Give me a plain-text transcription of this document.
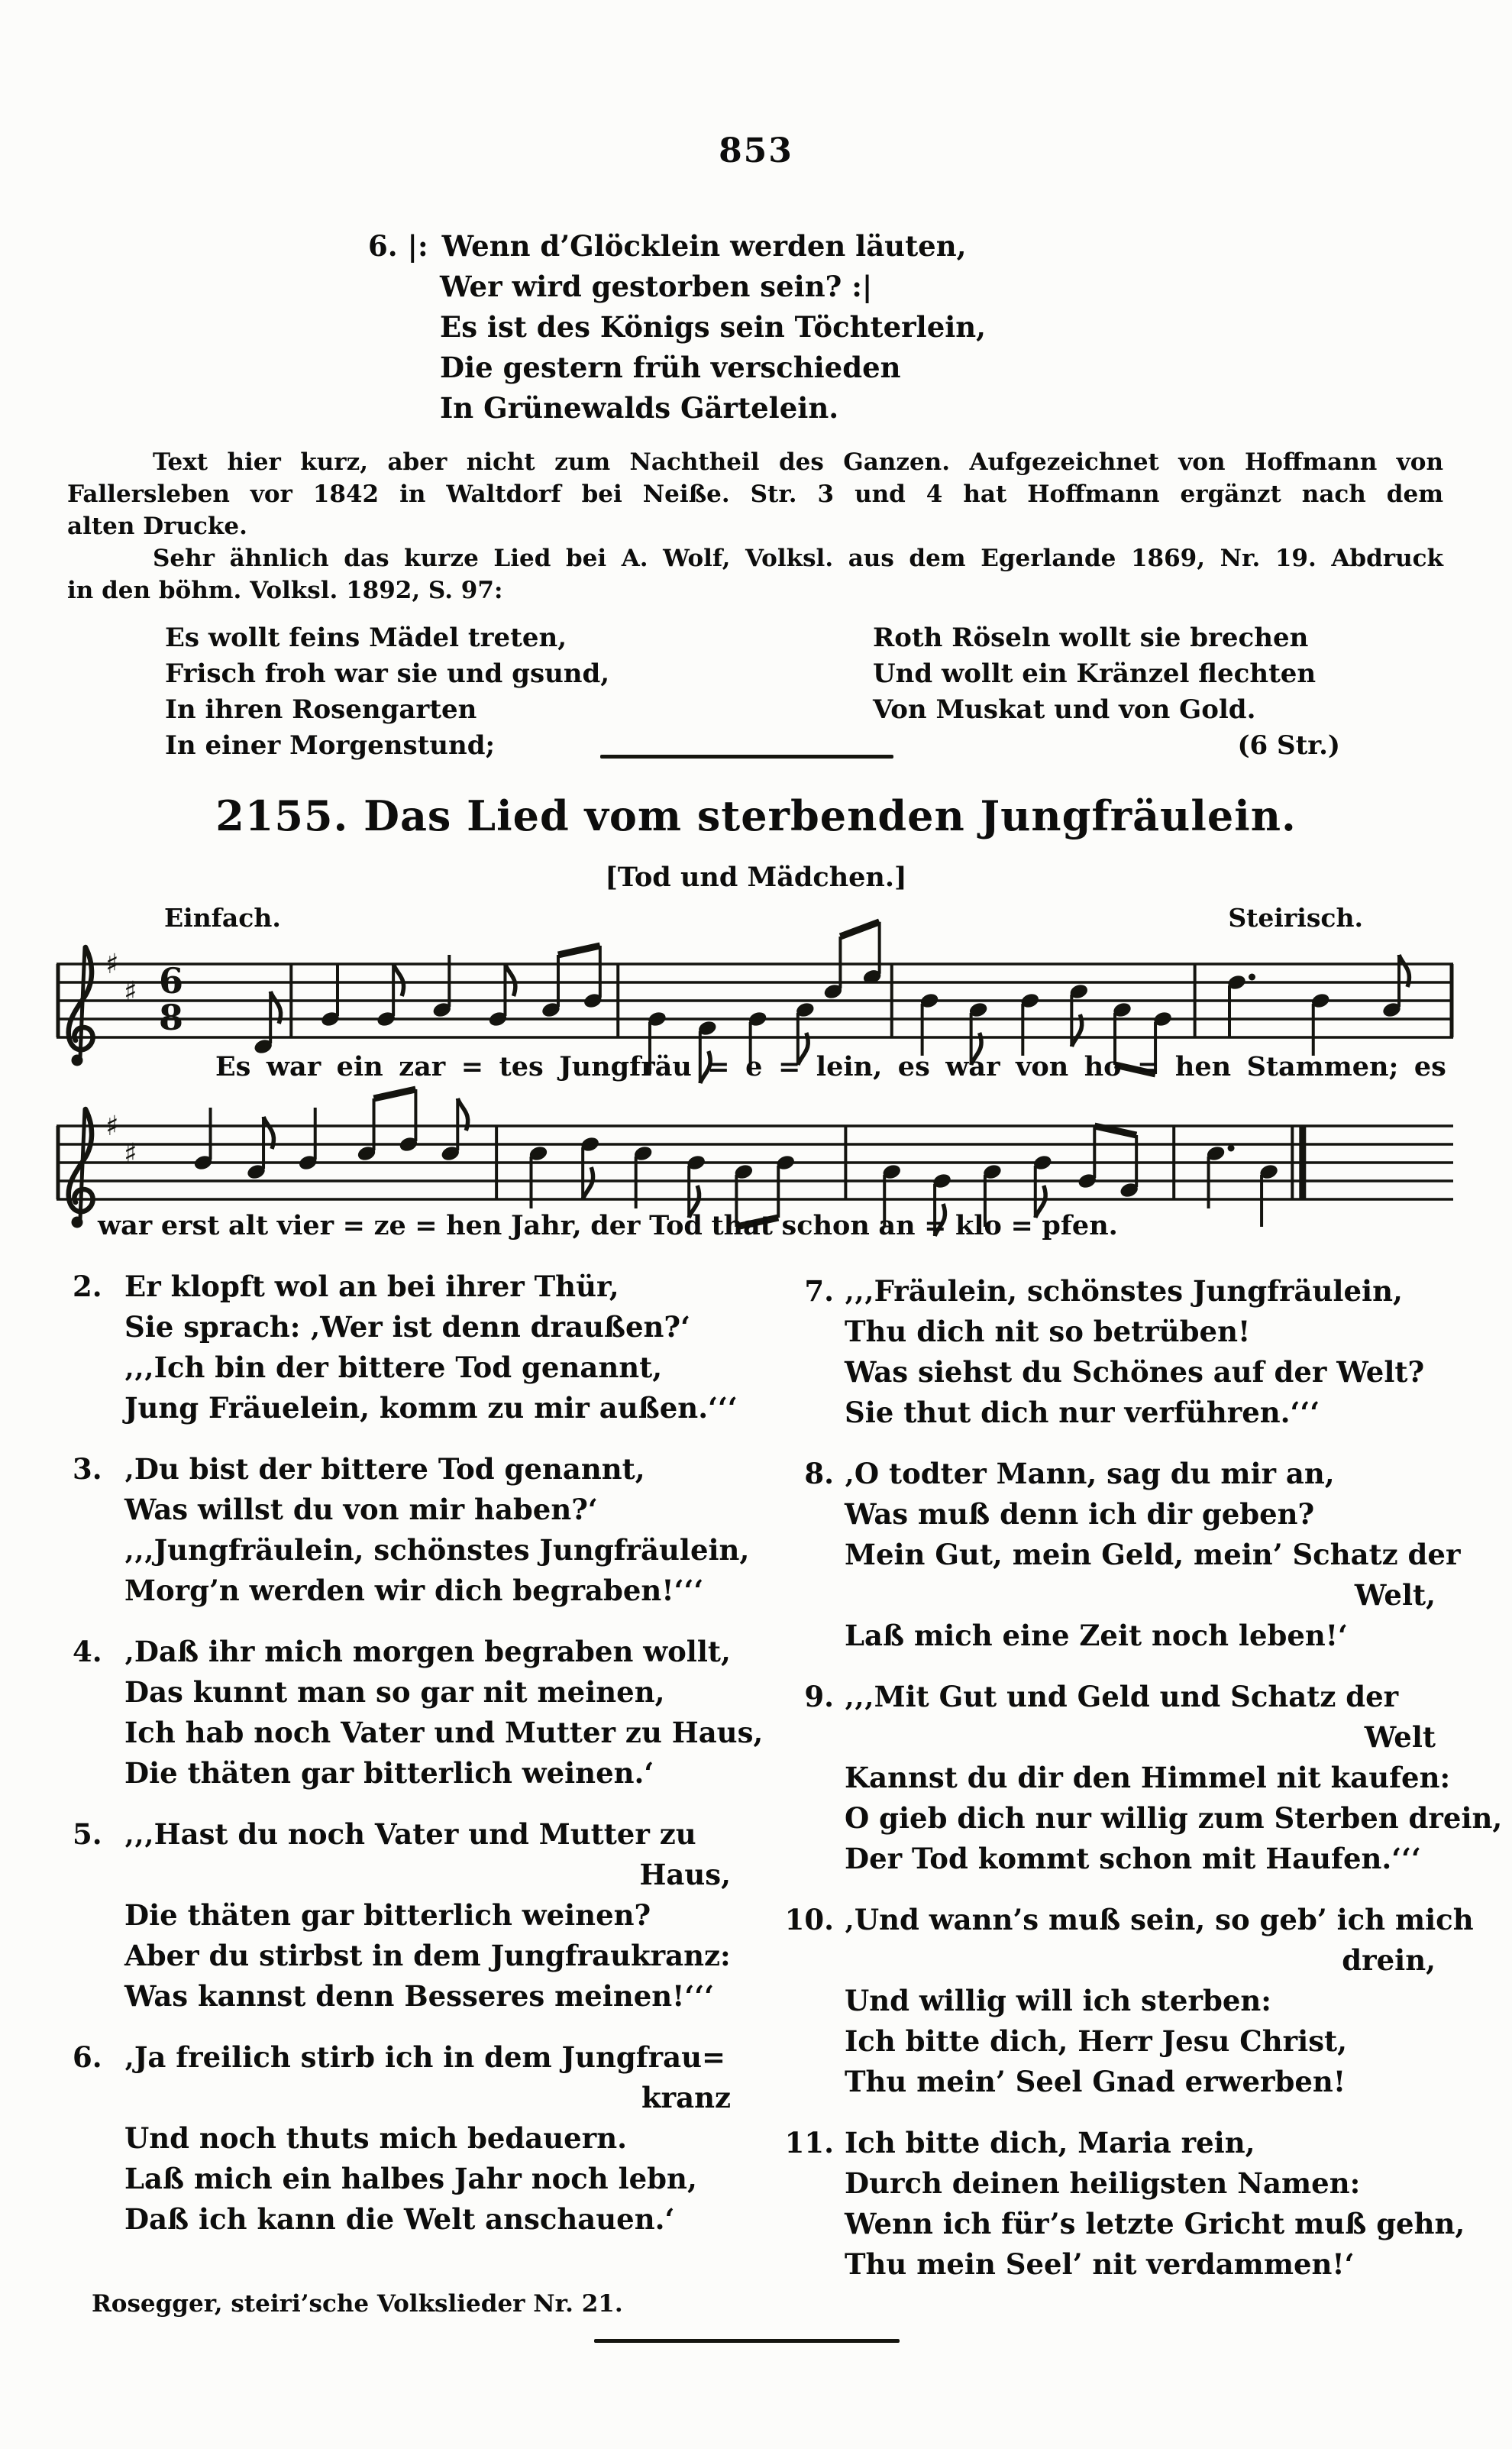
853
6. |: Wenn d’Glöcklein werden läuten,
Wer wird gestorben sein? :|
Es ist des Königs sein Töchterlein,
Die gestern früh verschieden
In Grünewalds Gärtelein.
Text hier kurz, aber nicht zum Nachtheil des Ganzen. Aufgezeichnet von Hoffmann von
Fallersleben vor 1842 in Waltdorf bei Neiße. Str. 3 und 4 hat Hoffmann ergänzt nach dem
alten Drucke.
Sehr ähnlich das kurze Lied bei A. Wolf, Volksl. aus dem Egerlande 1869, Nr. 19. Abdruck
in den böhm. Volksl. 1892, S. 97:
Es wollt feins Mädel treten,
Frisch froh war sie und gsund,
In ihren Rosengarten
In einer Morgenstund;
Roth Röseln wollt sie brechen
Und wollt ein Kränzel flechten
Von Muskat und von Gold.
(6 Str.)
2155. Das Lied vom sterbenden Jungfräulein.
[Tod und Mädchen.]
Einfach.	Steirisch.
♯
♯ 6
8
Es war ein zar = tes Jungfräu = e = lein, es war von ho = hen Stammen; es
♯
♯
war erst alt vier = ze = hen Jahr, der Tod that schon an = klo = pfen.
2. Er klopft wol an bei ihrer Thür,
Sie sprach: ‚Wer ist denn draußen?‘
‚‚‚Ich bin der bittere Tod genannt,
Jung Fräuelein, komm zu mir außen.‘‘‘
3. ‚Du bist der bittere Tod genannt,
Was willst du von mir haben?‘
‚‚‚Jungfräulein, schönstes Jungfräulein,
Morg’n werden wir dich begraben!‘‘‘
4. ‚Daß ihr mich morgen begraben wollt,
Das kunnt man so gar nit meinen,
Ich hab noch Vater und Mutter zu Haus,
Die thäten gar bitterlich weinen.‘
5. ‚‚‚Hast du noch Vater und Mutter zu
Haus,
Die thäten gar bitterlich weinen?
Aber du stirbst in dem Jungfraukranz:
Was kannst denn Besseres meinen!‘‘‘
6. ‚Ja freilich stirb ich in dem Jungfrau=
kranz
Und noch thuts mich bedauern.
Laß mich ein halbes Jahr noch lebn,
Daß ich kann die Welt anschauen.‘
7. ‚‚‚Fräulein, schönstes Jungfräulein,
Thu dich nit so betrüben!
Was siehst du Schönes auf der Welt?
Sie thut dich nur verführen.‘‘‘
8. ‚O todter Mann, sag du mir an,
Was muß denn ich dir geben?
Mein Gut, mein Geld, mein’ Schatz der
Welt,
Laß mich eine Zeit noch leben!‘
9. ‚‚‚Mit Gut und Geld und Schatz der
Welt
Kannst du dir den Himmel nit kaufen:
O gieb dich nur willig zum Sterben drein,
Der Tod kommt schon mit Haufen.‘‘‘
10. ‚Und wann’s muß sein, so geb’ ich mich
drein,
Und willig will ich sterben:
Ich bitte dich, Herr Jesu Christ,
Thu mein’ Seel Gnad erwerben!
11. Ich bitte dich, Maria rein,
Durch deinen heiligsten Namen:
Wenn ich für’s letzte Gricht muß gehn,
Thu mein Seel’ nit verdammen!‘
Rosegger, steiri’sche Volkslieder Nr. 21.
